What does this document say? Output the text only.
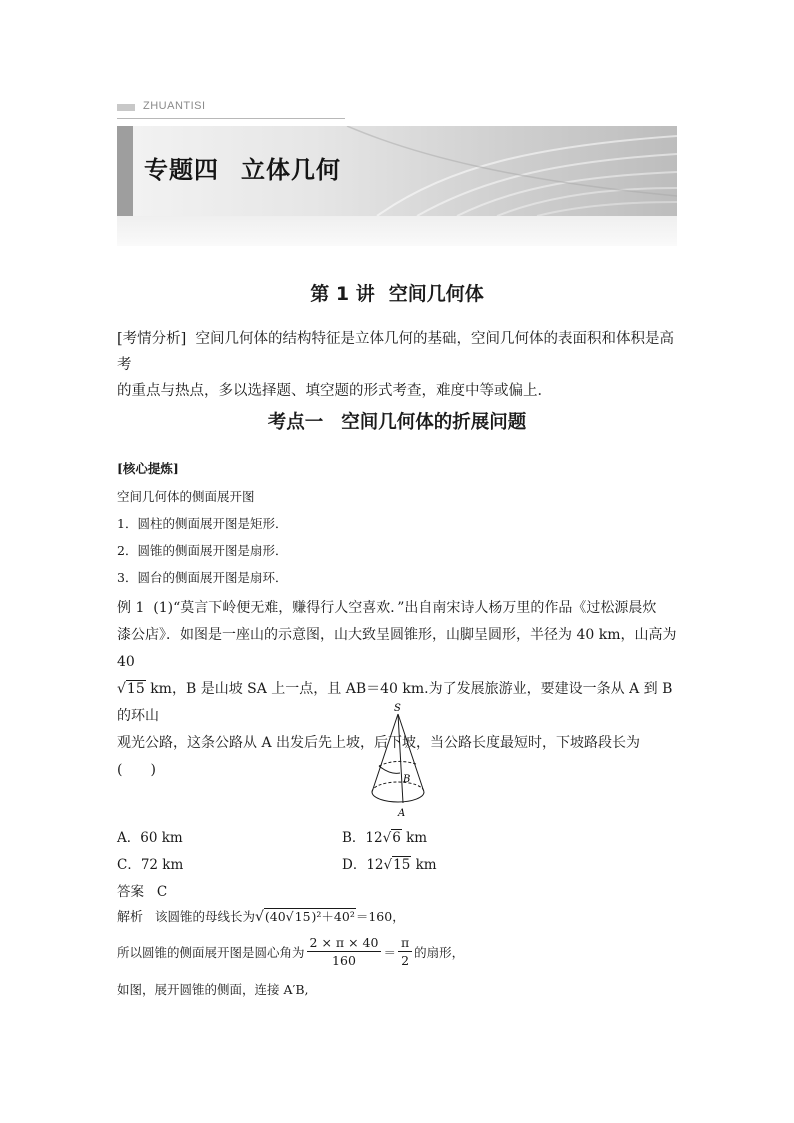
ZHUANTISI
专题四 立体几何
第 1 讲 空间几何体
[考情分析] 空间几何体的结构特征是立体几何的基础，空间几何体的表面积和体积是高考
的重点与热点，多以选择题、填空题的形式考查，难度中等或偏上．
考点一 空间几何体的折展问题
[核心提炼]
空间几何体的侧面展开图
1．圆柱的侧面展开图是矩形．
2．圆锥的侧面展开图是扇形．
3．圆台的侧面展开图是扇环．
例 1 (1)“莫言下岭便无难，赚得行人空喜欢．”出自南宋诗人杨万里的作品《过松源晨炊
漆公店》．如图是一座山的示意图，山大致呈圆锥形，山脚呈圆形，半径为 40 km，山高为 40
√15 km，B 是山坡 SA 上一点，且 AB＝40 km.为了发展旅游业，要建设一条从 A 到 B 的环山
观光公路，这条公路从 A 出发后先上坡，后下坡，当公路长度最短时，下坡路段长为(　　)
S
B
A
A．60 km	B．12√6 km
C．72 km	D．12√15 km
答案 C
解析 该圆锥的母线长为√(40√15)²＋40²＝160，
所以圆锥的侧面展开图是圆心角为 $\frac{2 \times \pi \times 40}{160} = \frac{\pi}{2}$ 的扇形，
如图，展开圆锥的侧面，连接 A′B,
